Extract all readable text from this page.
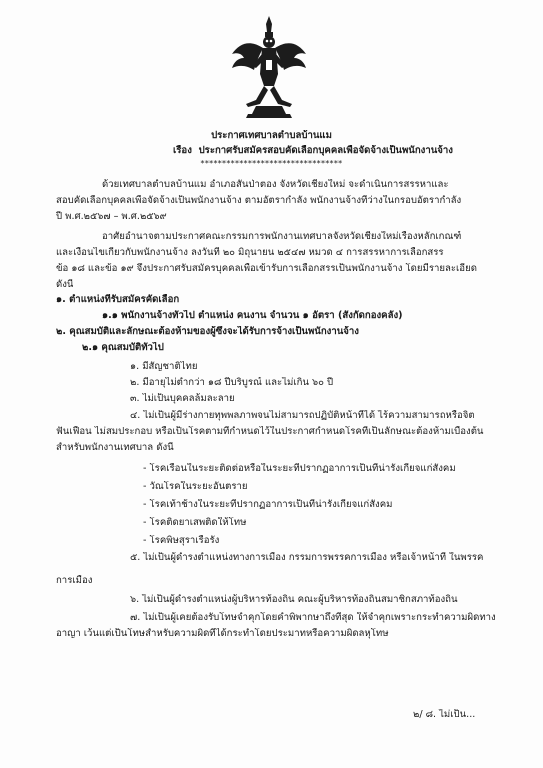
ประกาศเทศบาลตำบลบ้านแม
เรื่อง ประกาศรับสมัครสอบคัดเลือกบุคคลเพื่อจัดจ้างเป็นพนักงานจ้าง
*********************************
ด้วยเทศบาลตำบลบ้านแม อำเภอสันป่าตอง จังหวัดเชียงใหม่ จะดำเนินการสรรหาและ
สอบคัดเลือกบุคคลเพื่อจัดจ้างเป็นพนักงานจ้าง ตามอัตรากำลัง พนักงานจ้างที่ว่างในกรอบอัตรากำลัง
ปี พ.ศ.๒๕๖๗ – พ.ศ.๒๕๖๙
อาศัยอำนาจตามประกาศคณะกรรมการพนักงานเทศบาลจังหวัดเชียงใหม่เรื่องหลักเกณฑ์
และเงื่อนไขเกี่ยวกับพนักงานจ้าง ลงวันที่ ๒๐ มิถุนายน ๒๕๔๗ หมวด ๔ การสรรหาการเลือกสรร
ข้อ ๑๘ และข้อ ๑๙ จึงประกาศรับสมัครบุคคลเพื่อเข้ารับการเลือกสรรเป็นพนักงานจ้าง โดยมีรายละเอียด
ดังนี้
๑. ตำแหน่งที่รับสมัครคัดเลือก
๑.๑ พนักงานจ้างทั่วไป ตำแหน่ง คนงาน จำนวน ๑ อัตรา (สังกัดกองคลัง)
๒. คุณสมบัติและลักษณะต้องห้ามของผู้ซึ่งจะได้รับการจ้างเป็นพนักงานจ้าง
๒.๑ คุณสมบัติทั่วไป
๑. มีสัญชาติไทย
๒. มีอายุไม่ต่ำกว่า ๑๘ ปีบริบูรณ์ และไม่เกิน ๖๐ ปี
๓. ไม่เป็นบุคคลล้มละลาย
๔. ไม่เป็นผู้มีร่างกายทุพพลภาพจนไม่สามารถปฏิบัติหน้าที่ได้ ไร้ความสามารถหรือจิต
ฟั่นเฟือน ไม่สมประกอบ หรือเป็นโรคตามที่กำหนดไว้ในประกาศกำหนดโรคที่เป็นลักษณะต้องห้ามเบื้องต้น
สำหรับพนักงานเทศบาล ดังนี้
- โรคเรื้อนในระยะติดต่อหรือในระยะที่ปรากฏอาการเป็นที่น่ารังเกียจแก่สังคม
- วัณโรคในระยะอันตราย
- โรคเท้าช้างในระยะที่ปรากฏอาการเป็นที่น่ารังเกียจแก่สังคม
- โรคติดยาเสพติดให้โทษ
- โรคพิษสุราเรื้อรัง
๕. ไม่เป็นผู้ดำรงตำแหน่งทางการเมือง กรรมการพรรคการเมือง หรือเจ้าหน้าที่ ในพรรค
การเมือง
๖. ไม่เป็นผู้ดำรงตำแหน่งผู้บริหารท้องถิ่น คณะผู้บริหารท้องถิ่นสมาชิกสภาท้องถิ่น
๗. ไม่เป็นผู้เคยต้องรับโทษจำคุกโดยคำพิพากษาถึงที่สุด ให้จำคุกเพราะกระทำความผิดทาง
อาญา เว้นแต่เป็นโทษสำหรับความผิดที่ได้กระทำโดยประมาทหรือความผิดลหุโทษ
๒/ ๘. ไม่เป็น...
